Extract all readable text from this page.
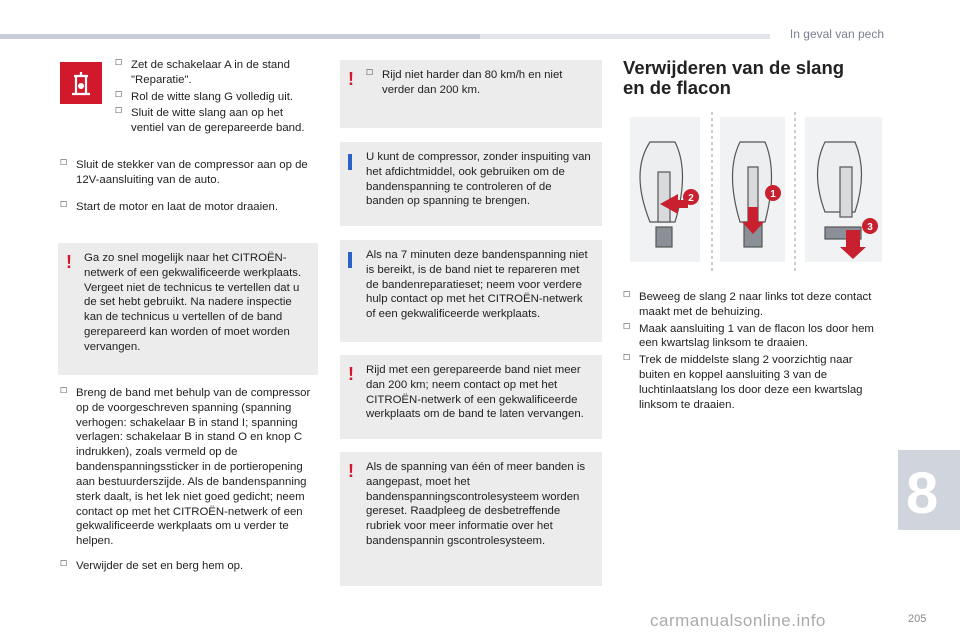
In geval van pech
☐ Zet de schakelaar A in de stand "Reparatie".
☐ Rol de witte slang G volledig uit.
☐ Sluit de witte slang aan op het ventiel van de gerepareerde band.
☐ Sluit de stekker van de compressor aan op de 12V-aansluiting van de auto.
☐ Start de motor en laat de motor draaien.
! Ga zo snel mogelijk naar het CITROËN-netwerk of een gekwalificeerde werkplaats. Vergeet niet de technicus te vertellen dat u de set hebt gebruikt. Na nadere inspectie kan de technicus u vertellen of de band gerepareerd kan worden of moet worden vervangen.
☐ Breng de band met behulp van de compressor op de voorgeschreven spanning (spanning verhogen: schakelaar B in stand I; spanning verlagen: schakelaar B in stand O en knop C indrukken), zoals vermeld op de bandenspanningssticker in de portieropening aan bestuurderszijde. Als de bandenspanning sterk daalt, is het lek niet goed gedicht; neem contact op met het CITROËN-netwerk of een gekwalificeerde werkplaats om u verder te helpen.
☐ Verwijder de set en berg hem op.
!
☐	Rijd niet harder dan 80 km/h en niet verder dan 200 km.
U kunt de compressor, zonder inspuiting van het afdichtmiddel, ook gebruiken om de bandenspanning te controleren of de banden op spanning te brengen.
Als na 7 minuten deze bandenspanning niet is bereikt, is de band niet te repareren met de bandenreparatieset; neem voor verdere hulp contact op met het CITROËN-netwerk of een gekwalificeerde werkplaats.
! Rijd met een gerepareerde band niet meer dan 200 km; neem contact op met het CITROËN-netwerk of een gekwalificeerde werkplaats om de band te laten vervangen.
! Als de spanning van één of meer banden is aangepast, moet het bandenspanningscontrolesysteem worden gereset. Raadpleeg de desbetreffende rubriek voor meer informatie over het bandenspannin gscontrolesysteem.
Verwijderen van de slang
en de flacon
2	1
3
☐ Beweeg de slang 2 naar links tot deze contact maakt met de behuizing.
☐ Maak aansluiting 1 van de flacon los door hem een kwartslag linksom te draaien.
☐ Trek de middelste slang 2 voorzichtig naar buiten en koppel aansluiting 3 van de luchtinlaatslang los door deze een kwartslag linksom te draaien.
8
carmanualsonline.info	205
